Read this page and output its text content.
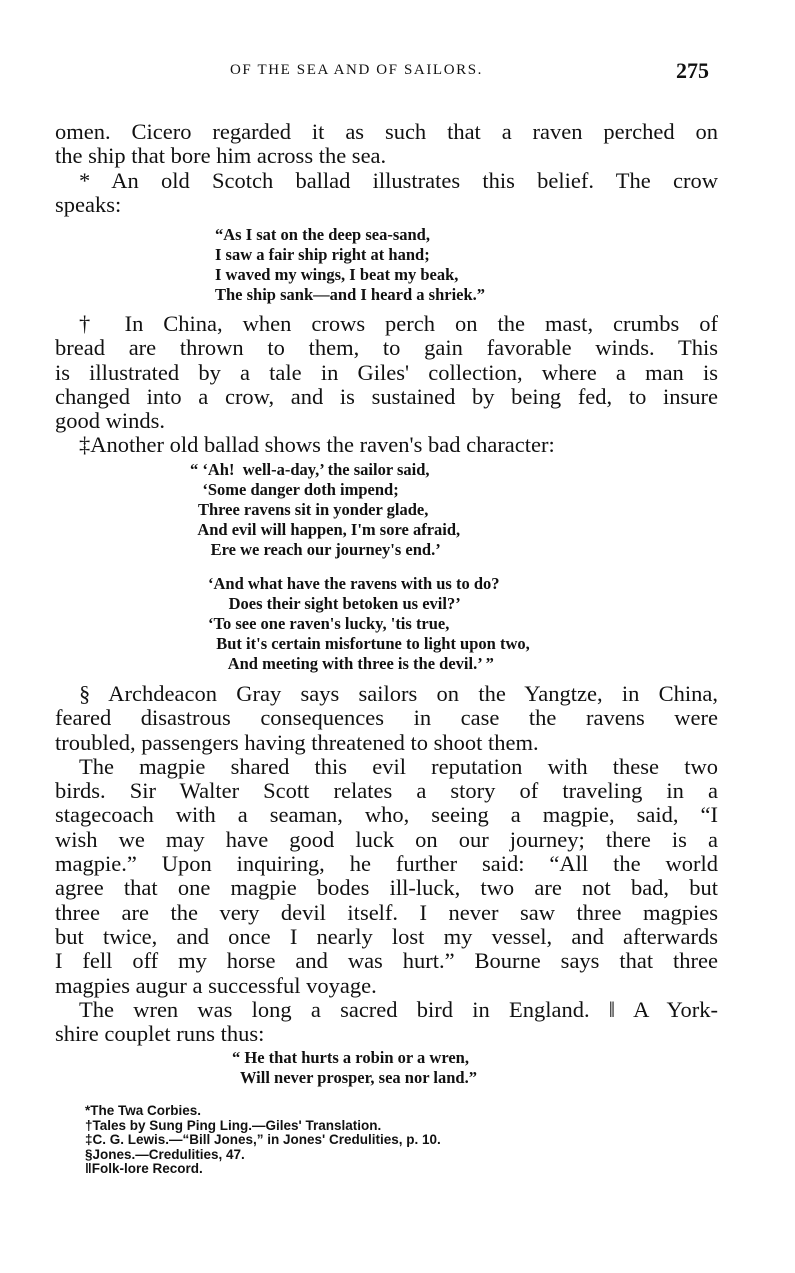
OF THE SEA AND OF SAILORS.	275
omen. Cicero regarded it as such that a raven perched on
the ship that bore him across the sea.
* An old Scotch ballad illustrates this belief. The crow
speaks:
“As I sat on the deep sea-sand,
I saw a fair ship right at hand;
I waved my wings, I beat my beak,
The ship sank—and I heard a shriek.”
† In China, when crows perch on the mast, crumbs of
bread are thrown to them, to gain favorable winds. This
is illustrated by a tale in Giles' collection, where a man is
changed into a crow, and is sustained by being fed, to insure
good winds.
‡Another old ballad shows the raven's bad character:
“ ‘Ah!  well-a-day,’ the sailor said,
‘Some danger doth impend;
Three ravens sit in yonder glade,
And evil will happen, I'm sore afraid,
Ere we reach our journey's end.’
‘And what have the ravens with us to do?
Does their sight betoken us evil?’
‘To see one raven's lucky, 'tis true,
But it's certain misfortune to light upon two,
And meeting with three is the devil.’ ”
§ Archdeacon Gray says sailors on the Yangtze, in China,
feared disastrous consequences in case the ravens were
troubled, passengers having threatened to shoot them.
The magpie shared this evil reputation with these two
birds. Sir Walter Scott relates a story of traveling in a
stagecoach with a seaman, who, seeing a magpie, said, “I
wish we may have good luck on our journey; there is a
magpie.” Upon inquiring, he further said: “All the world
agree that one magpie bodes ill-luck, two are not bad, but
three are the very devil itself. I never saw three magpies
but twice, and once I nearly lost my vessel, and afterwards
I fell off my horse and was hurt.” Bourne says that three
magpies augur a successful voyage.
The wren was long a sacred bird in England. ‖ A York-
shire couplet runs thus:
“ He that hurts a robin or a wren,
Will never prosper, sea nor land.”
*The Twa Corbies.
†Tales by Sung Ping Ling.—Giles' Translation.
‡C. G. Lewis.—“Bill Jones,” in Jones' Credulities, p. 10.
§Jones.—Credulities, 47.
‖Folk-lore Record.
